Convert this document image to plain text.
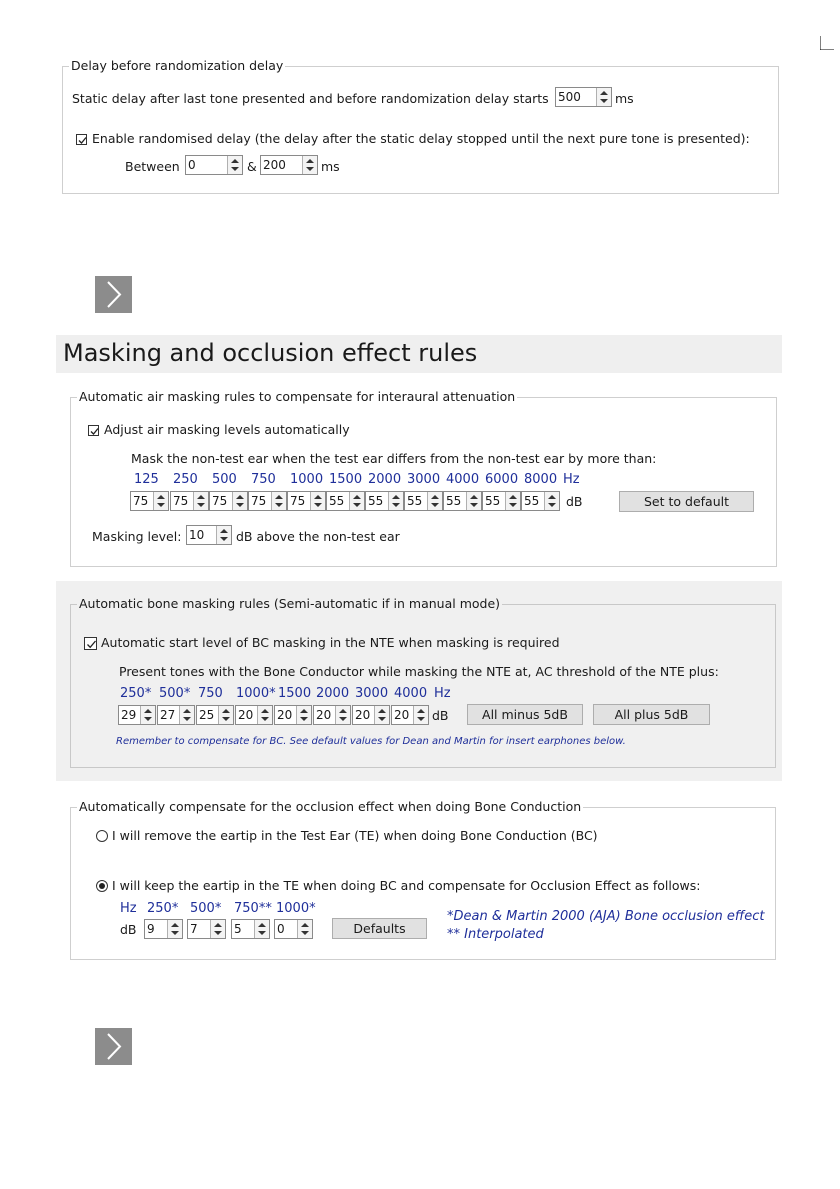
Delay before randomization delay
Static delay after last tone presented and before randomization delay starts 500	ms
Enable randomised delay (the delay after the static delay stopped until the next pure tone is presented):
Between 0	& 200	ms
Masking and occlusion effect rules
Automatic air masking rules to compensate for interaural attenuation
Adjust air masking levels automatically
Mask the non-test ear when the test ear differs from the non-test ear by more than:
125 250 500 750 1000 1500 2000 3000 4000 6000 8000 Hz
75 75 75 75 75 55 55 55 55 55 55 dB	Set to default
Masking level: 10	dB above the non-test ear
Automatic bone masking rules (Semi-automatic if in manual mode)
Automatic start level of BC masking in the NTE when masking is required
Present tones with the Bone Conductor while masking the NTE at, AC threshold of the NTE plus:
250* 500* 750 1000* 1500 2000 3000 4000 Hz
29 27 25 20 20 20 20 20 dB	All minus 5dB	All plus 5dB
Remember to compensate for BC. See default values for Dean and Martin for insert earphones below.
Automatically compensate for the occlusion effect when doing Bone Conduction
I will remove the eartip in the Test Ear (TE) when doing Bone Conduction (BC)
I will keep the eartip in the TE when doing BC and compensate for Occlusion Effect as follows:
Hz 250* 500* 750** 1000*
dB 9	7	5	0	Defaults
*Dean & Martin 2000 (AJA) Bone occlusion effect
** Interpolated
